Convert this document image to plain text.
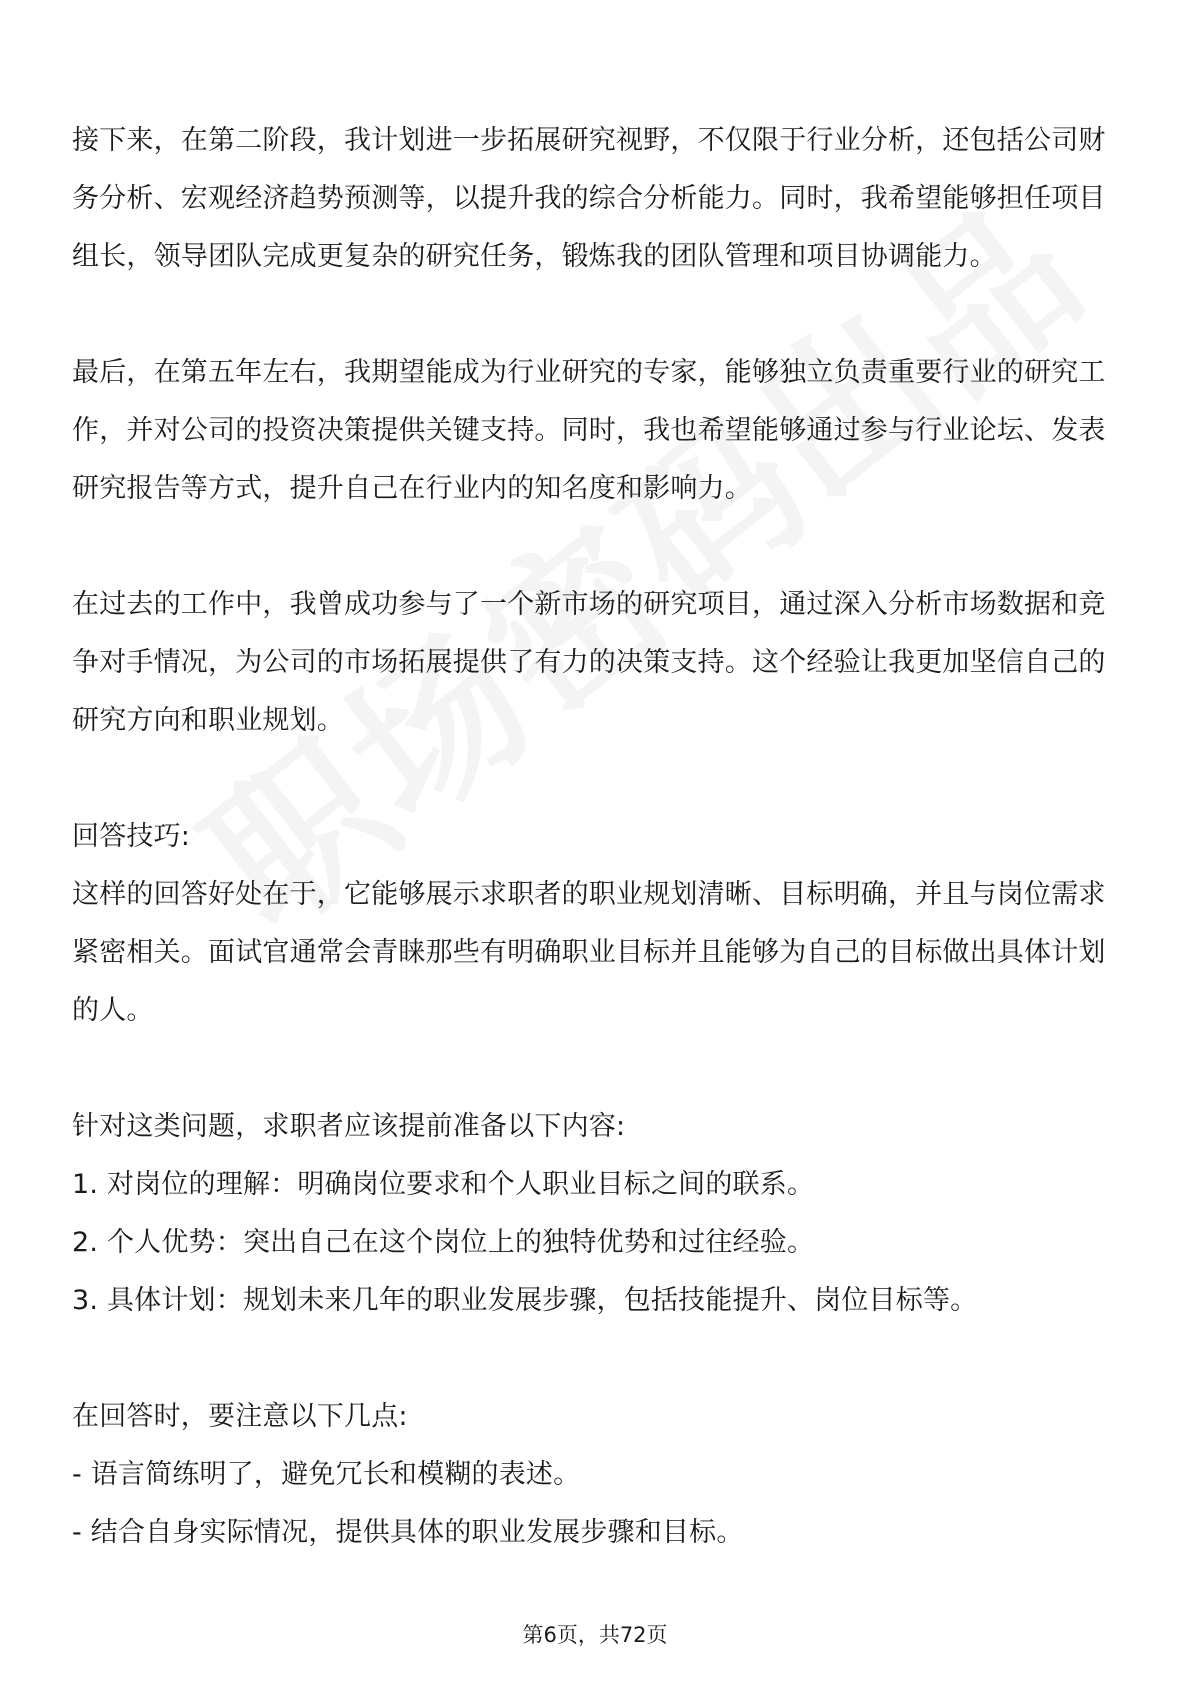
接下来，在第二阶段，我计划进一步拓展研究视野，不仅限于行业分析，还包括公司财务分析、宏观经济趋势预测等，以提升我的综合分析能力。同时，我希望能够担任项目组长，领导团队完成更复杂的研究任务，锻炼我的团队管理和项目协调能力。

最后，在第五年左右，我期望能成为行业研究的专家，能够独立负责重要行业的研究工作，并对公司的投资决策提供关键支持。同时，我也希望能够通过参与行业论坛、发表研究报告等方式，提升自己在行业内的知名度和影响力。

在过去的工作中，我曾成功参与了一个新市场的研究项目，通过深入分析市场数据和竞争对手情况，为公司的市场拓展提供了有力的决策支持。这个经验让我更加坚信自己的研究方向和职业规划。

回答技巧:

这样的回答好处在于，它能够展示求职者的职业规划清晰、目标明确，并且与岗位需求紧密相关。面试官通常会青睐那些有明确职业目标并且能够为自己的目标做出具体计划的人。

针对这类问题，求职者应该提前准备以下内容:

1. 对岗位的理解：明确岗位要求和个人职业目标之间的联系。

2. 个人优势：突出自己在这个岗位上的独特优势和过往经验。

3. 具体计划：规划未来几年的职业发展步骤，包括技能提升、岗位目标等。

在回答时，要注意以下几点:

- 语言简练明了，避免冗长和模糊的表述。

- 结合自身实际情况，提供具体的职业发展步骤和目标。

第6页，共72页
